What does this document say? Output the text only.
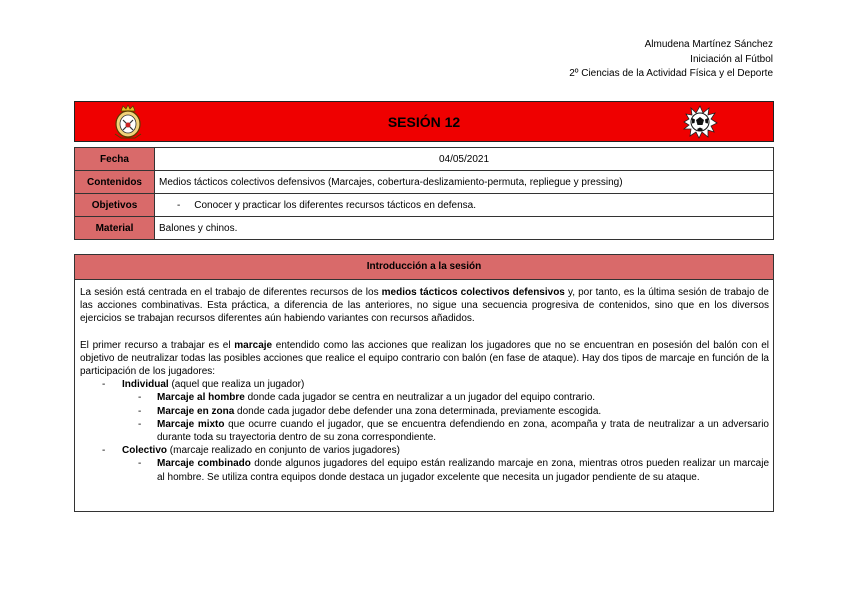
Almudena Martínez Sánchez
Iniciación al Fútbol
2º Ciencias de la Actividad Física y el Deporte
SESIÓN 12
Fecha	04/05/2021
Contenidos	Medios tácticos colectivos defensivos (Marcajes, cobertura-deslizamiento-permuta, repliegue y pressing)
Objetivos	-     Conocer y practicar los diferentes recursos tácticos en defensa.
Material	Balones y chinos.
Introducción a la sesión

La sesión está centrada en el trabajo de diferentes recursos de los medios tácticos colectivos defensivos y, por tanto, es la última sesión de trabajo de las acciones combinativas. Esta práctica, a diferencia de las anteriores, no sigue una secuencia progresiva de contenidos, sino que en los diversos ejercicios se trabajan recursos diferentes aún habiendo variantes con recursos añadidos.

El primer recurso a trabajar es el marcaje entendido como las acciones que realizan los jugadores que no se encuentran en posesión del balón con el objetivo de neutralizar todas las posibles acciones que realice el equipo contrario con balón (en fase de ataque). Hay dos tipos de marcaje en función de la participación de los jugadores:

- Individual (aquel que realiza un jugador)
- Marcaje al hombre donde cada jugador se centra en neutralizar a un jugador del equipo contrario.
- Marcaje en zona donde cada jugador debe defender una zona determinada, previamente escogida.
- Marcaje mixto que ocurre cuando el jugador, que se encuentra defendiendo en zona, acompaña y trata de neutralizar a un adversario durante toda su trayectoria dentro de su zona correspondiente.
- Colectivo (marcaje realizado en conjunto de varios jugadores)
- Marcaje combinado donde algunos jugadores del equipo están realizando marcaje en zona, mientras otros pueden realizar un marcaje al hombre. Se utiliza contra equipos donde destaca un jugador excelente que necesita un jugador pendiente de su ataque.
